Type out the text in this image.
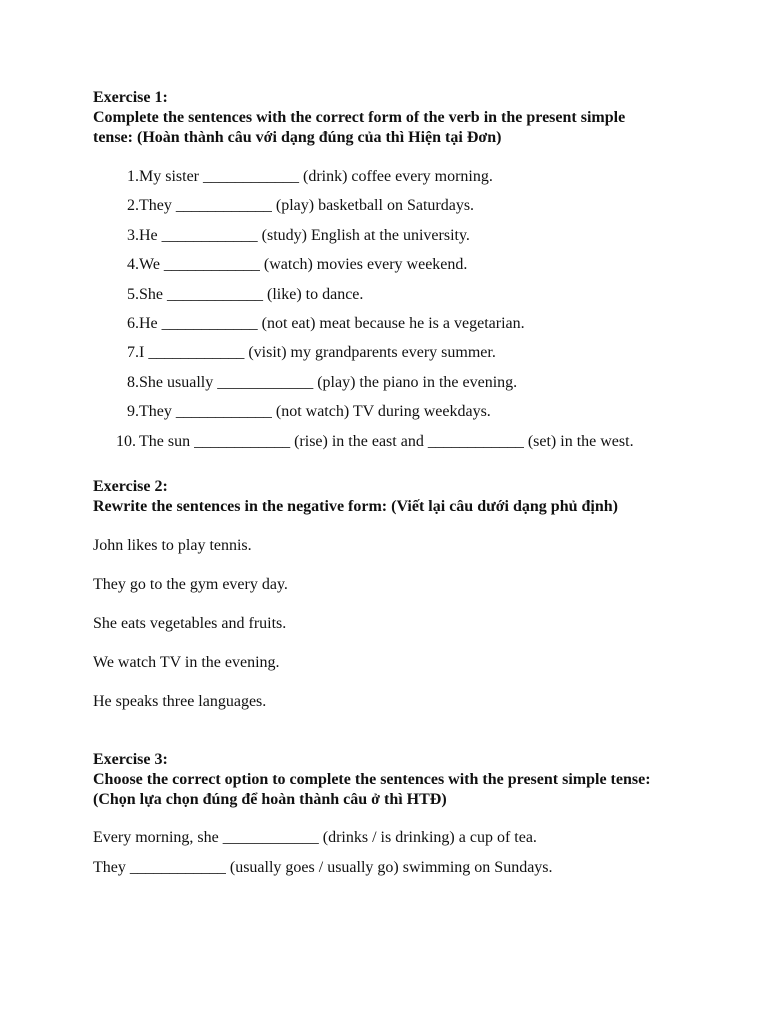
Exercise 1:

Complete the sentences with the correct form of the verb in the present simple tense: (Hoàn thành câu với dạng đúng của thì Hiện tại Đơn)

1. My sister ____________ (drink) coffee every morning.
2. They ____________ (play) basketball on Saturdays.
3. He ____________ (study) English at the university.
4. We ____________ (watch) movies every weekend.
5. She ____________ (like) to dance.
6. He ____________ (not eat) meat because he is a vegetarian.
7. I ____________ (visit) my grandparents every summer.
8. She usually ____________ (play) the piano in the evening.
9. They ____________ (not watch) TV during weekdays.
10. The sun ____________ (rise) in the east and ____________ (set) in the west.

Exercise 2:

Rewrite the sentences in the negative form: (Viết lại câu dưới dạng phủ định)

John likes to play tennis.

They go to the gym every day.

She eats vegetables and fruits.

We watch TV in the evening.

He speaks three languages.

Exercise 3:

Choose the correct option to complete the sentences with the present simple tense: (Chọn lựa chọn đúng để hoàn thành câu ở thì HTĐ)

Every morning, she ____________ (drinks / is drinking) a cup of tea.

They ____________ (usually goes / usually go) swimming on Sundays.
